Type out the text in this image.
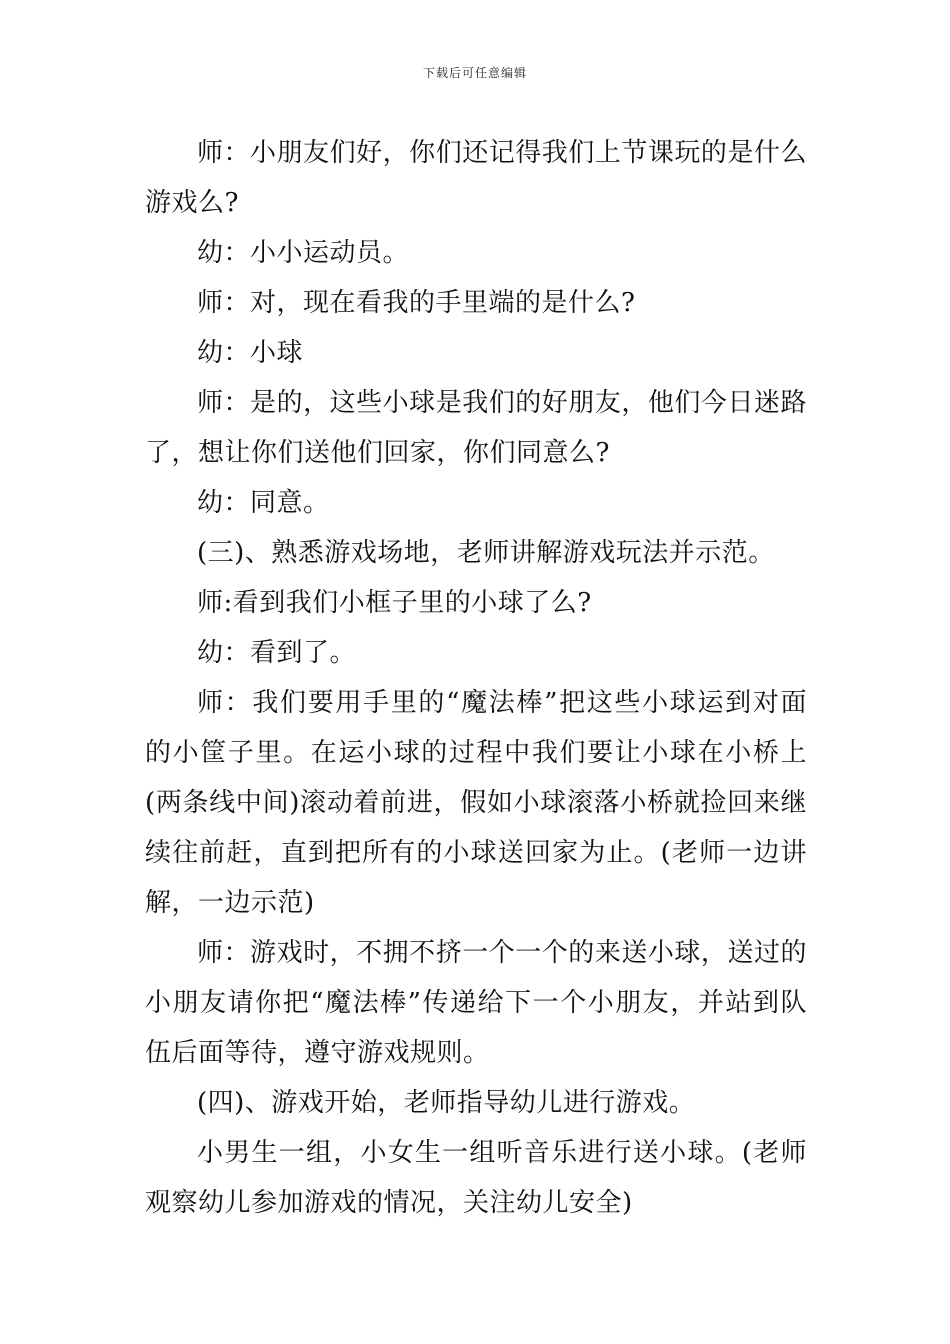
下载后可任意编辑

师：小朋友们好，你们还记得我们上节课玩的是什么游戏么?

幼：小小运动员。

师：对，现在看我的手里端的是什么?

幼：小球

师：是的，这些小球是我们的好朋友，他们今日迷路了，想让你们送他们回家，你们同意么?

幼：同意。

(三)、熟悉游戏场地，老师讲解游戏玩法并示范。

师:看到我们小框子里的小球了么?

幼：看到了。

师：我们要用手里的“魔法棒”把这些小球运到对面的小筐子里。在运小球的过程中我们要让小球在小桥上(两条线中间)滚动着前进，假如小球滚落小桥就捡回来继续往前赶，直到把所有的小球送回家为止。(老师一边讲解，一边示范)

师：游戏时，不拥不挤一个一个的来送小球，送过的小朋友请你把“魔法棒”传递给下一个小朋友，并站到队伍后面等待，遵守游戏规则。

(四)、游戏开始，老师指导幼儿进行游戏。

小男生一组，小女生一组听音乐进行送小球。(老师观察幼儿参加游戏的情况，关注幼儿安全)
